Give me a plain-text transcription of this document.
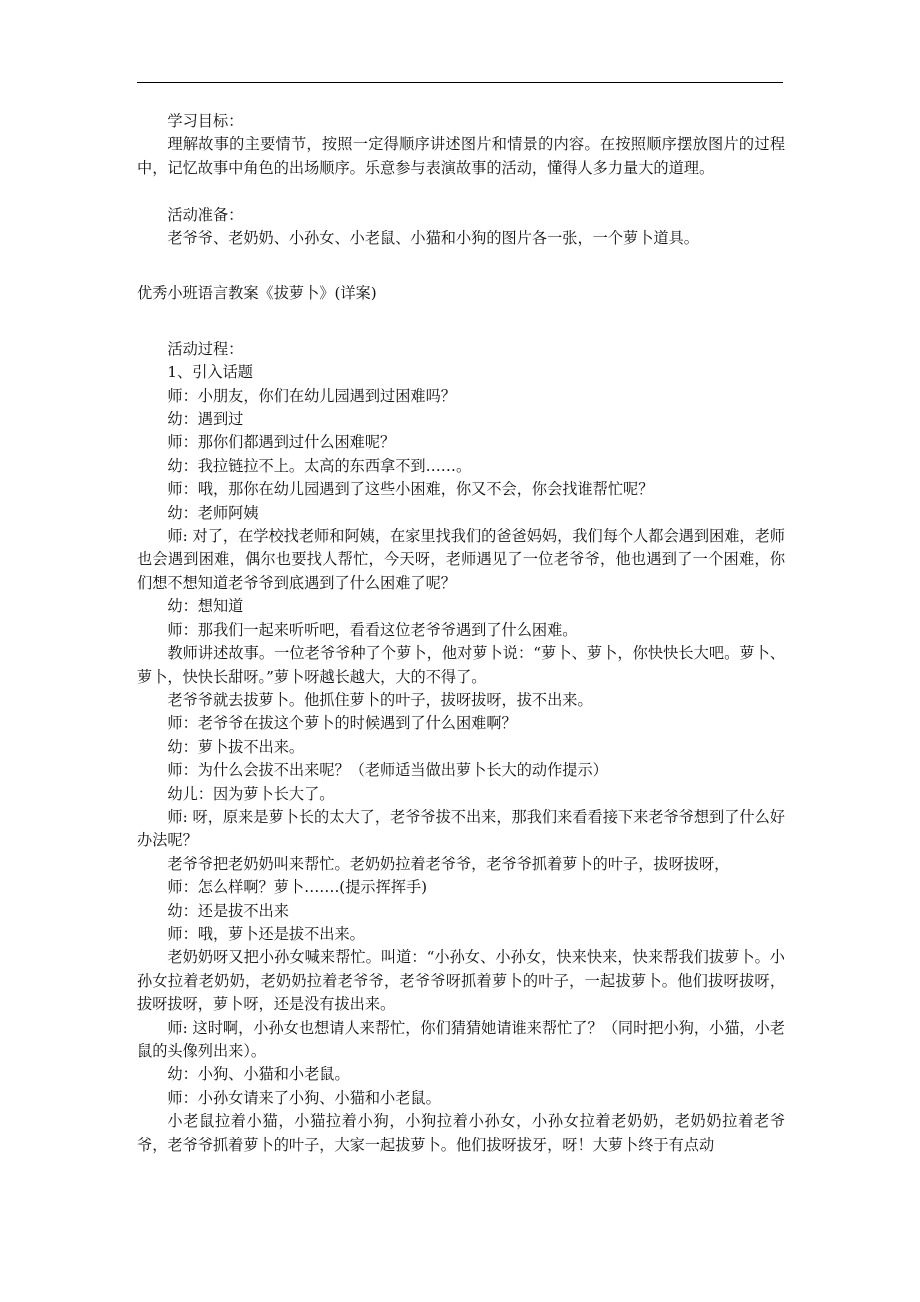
学习目标：

理解故事的主要情节，按照一定得顺序讲述图片和情景的内容。在按照顺序摆放图片的过程中，记忆故事中角色的出场顺序。乐意参与表演故事的活动，懂得人多力量大的道理。

活动准备：

老爷爷、老奶奶、小孙女、小老鼠、小猫和小狗的图片各一张，一个萝卜道具。

优秀小班语言教案《拔萝卜》(详案)

活动过程：

1、引入话题

师：小朋友，你们在幼儿园遇到过困难吗？

幼：遇到过

师：那你们都遇到过什么困难呢？

幼：我拉链拉不上。太高的东西拿不到……。

师：哦，那你在幼儿园遇到了这些小困难，你又不会，你会找谁帮忙呢？

幼：老师阿姨

师: 对了，在学校找老师和阿姨，在家里找我们的爸爸妈妈，我们每个人都会遇到困难，老师也会遇到困难，偶尔也要找人帮忙，今天呀，老师遇见了一位老爷爷，他也遇到了一个困难，你们想不想知道老爷爷到底遇到了什么困难了呢？

幼：想知道

师：那我们一起来听听吧，看看这位老爷爷遇到了什么困难。

教师讲述故事。一位老爷爷种了个萝卜，他对萝卜说：“萝卜、萝卜，你快快长大吧。萝卜、萝卜，快快长甜呀。”萝卜呀越长越大，大的不得了。

老爷爷就去拔萝卜。他抓住萝卜的叶子，拔呀拔呀，拔不出来。

师：老爷爷在拔这个萝卜的时候遇到了什么困难啊？

幼：萝卜拔不出来。

师：为什么会拔不出来呢？（老师适当做出萝卜长大的动作提示）

幼儿：因为萝卜长大了。

师: 呀，原来是萝卜长的太大了，老爷爷拔不出来，那我们来看看接下来老爷爷想到了什么好办法呢？

老爷爷把老奶奶叫来帮忙。老奶奶拉着老爷爷，老爷爷抓着萝卜的叶子，拔呀拔呀，

师：怎么样啊？萝卜…….(提示挥挥手)

幼：还是拔不出来

师：哦，萝卜还是拔不出来。

老奶奶呀又把小孙女喊来帮忙。叫道：“小孙女、小孙女，快来快来，快来帮我们拔萝卜。小孙女拉着老奶奶，老奶奶拉着老爷爷，老爷爷呀抓着萝卜的叶子，一起拔萝卜。他们拔呀拔呀，拔呀拔呀，萝卜呀，还是没有拔出来。

师: 这时啊，小孙女也想请人来帮忙，你们猜猜她请谁来帮忙了？（同时把小狗，小猫，小老鼠的头像列出来）。

幼：小狗、小猫和小老鼠。

师：小孙女请来了小狗、小猫和小老鼠。

小老鼠拉着小猫，小猫拉着小狗，小狗拉着小孙女，小孙女拉着老奶奶，老奶奶拉着老爷爷，老爷爷抓着萝卜的叶子，大家一起拔萝卜。他们拔呀拔牙，呀！大萝卜终于有点动
